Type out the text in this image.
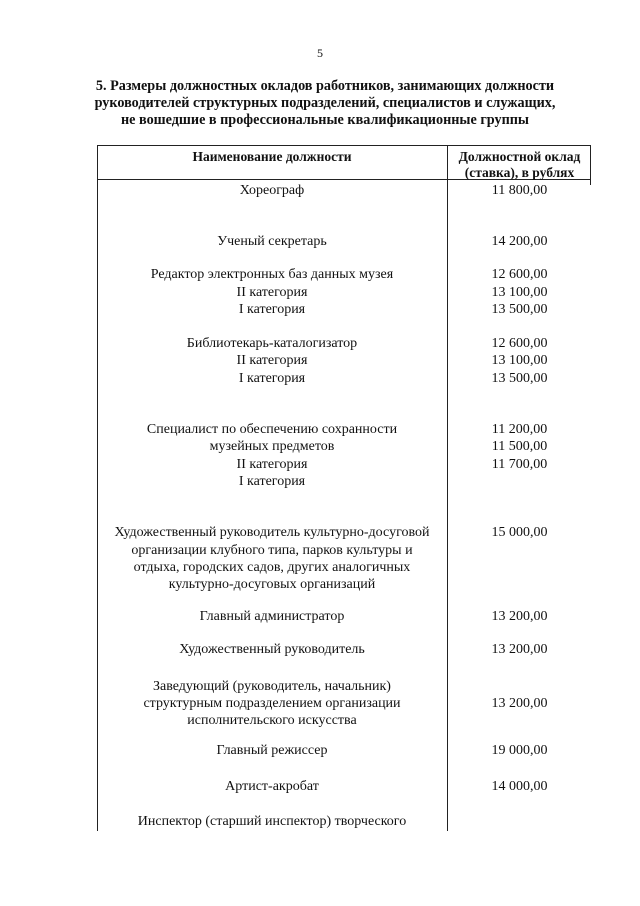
5
5. Размеры должностных окладов работников, занимающих должности
руководителей структурных подразделений, специалистов и служащих,
не вошедшие в профессиональные квалификационные группы
Наименование должности	Должностной оклад
(ставка), в рублях
Хореограф
Ученый секретарь
Редактор электронных баз данных музея
II категория
I категория
Библиотекарь-каталогизатор
II категория
I категория
Специалист по обеспечению сохранности
музейных предметов
II категория
I категория
Художественный руководитель культурно-досуговой
организации клубного типа, парков культуры и
отдыха, городских садов, других аналогичных
культурно-досуговых организаций
Главный администратор
Художественный руководитель
Заведующий (руководитель, начальник)
структурным подразделением организации
исполнительского искусства
Главный режиссер
Артист-акробат
Инспектор (старший инспектор) творческого
11 800,00
14 200,00
12 600,00
13 100,00
13 500,00
12 600,00
13 100,00
13 500,00
11 200,00
11 500,00
11 700,00
15 000,00
13 200,00
13 200,00
13 200,00
19 000,00
14 000,00
